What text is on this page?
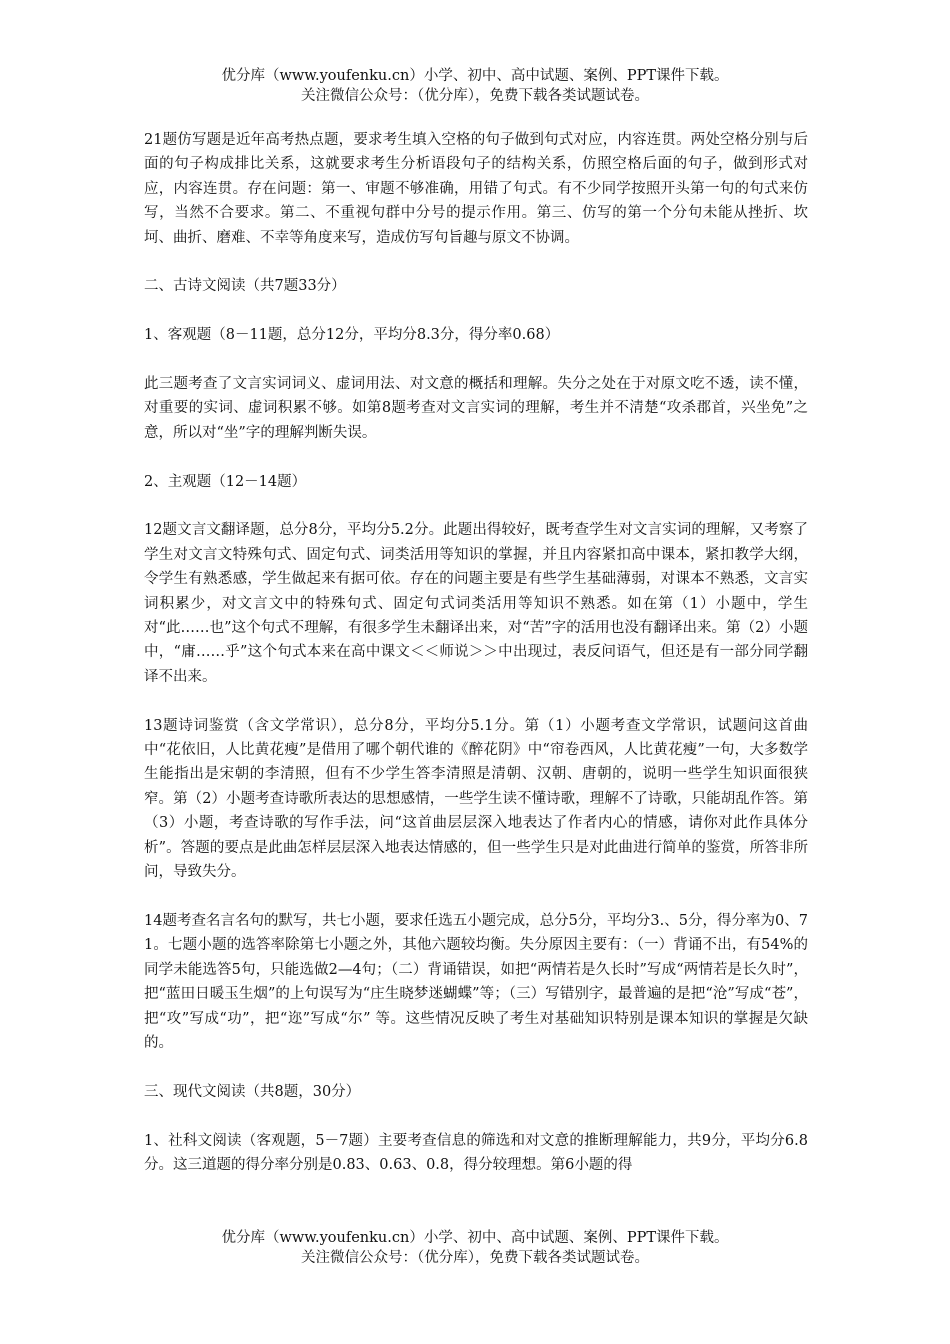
优分库（www.youfenku.cn）小学、初中、高中试题、案例、PPT课件下载。
关注微信公众号：（优分库），免费下载各类试题试卷。

21题仿写题是近年高考热点题，要求考生填入空格的句子做到句式对应，内容连贯。两处空格分别与后面的句子构成排比关系，这就要求考生分析语段句子的结构关系，仿照空格后面的句子，做到形式对应，内容连贯。存在问题：第一、审题不够准确，用错了句式。有不少同学按照开头第一句的句式来仿写，当然不合要求。第二、不重视句群中分号的提示作用。第三、仿写的第一个分句未能从挫折、坎坷、曲折、磨难、不幸等角度来写，造成仿写句旨趣与原文不协调。

二、古诗文阅读（共7题33分）

1、客观题（8－11题，总分12分，平均分8.3分，得分率0.68）

此三题考查了文言实词词义、虚词用法、对文意的概括和理解。失分之处在于对原文吃不透，读不懂，对重要的实词、虚词积累不够。如第8题考查对文言实词的理解，考生并不清楚“攻杀郡首，兴坐免”之意，所以对“坐”字的理解判断失误。

2、主观题（12－14题）

12题文言文翻译题，总分8分，平均分5.2分。此题出得较好，既考查学生对文言实词的理解，又考察了学生对文言文特殊句式、固定句式、词类活用等知识的掌握，并且内容紧扣高中课本，紧扣教学大纲，令学生有熟悉感，学生做起来有据可依。存在的问题主要是有些学生基础薄弱，对课本不熟悉，文言实词积累少，对文言文中的特殊句式、固定句式词类活用等知识不熟悉。如在第（1）小题中，学生对“此……也”这个句式不理解，有很多学生未翻译出来，对“苦”字的活用也没有翻译出来。第（2）小题中，“庸……乎”这个句式本来在高中课文＜＜师说＞＞中出现过，表反问语气，但还是有一部分同学翻译不出来。

13题诗词鉴赏（含文学常识），总分8分，平均分5.1分。第（1）小题考查文学常识，试题问这首曲中“花依旧，人比黄花瘦”是借用了哪个朝代谁的《醉花阴》中“帘卷西风，人比黄花瘦”一句，大多数学生能指出是宋朝的李清照，但有不少学生答李清照是清朝、汉朝、唐朝的，说明一些学生知识面很狭窄。第（2）小题考查诗歌所表达的思想感情，一些学生读不懂诗歌，理解不了诗歌，只能胡乱作答。第（3）小题，考查诗歌的写作手法，问“这首曲层层深入地表达了作者内心的情感，请你对此作具体分析”。答题的要点是此曲怎样层层深入地表达情感的，但一些学生只是对此曲进行简单的鉴赏，所答非所问，导致失分。

14题考查名言名句的默写，共七小题，要求任选五小题完成，总分5分，平均分3.、5分，得分率为0、71。七题小题的选答率除第七小题之外，其他六题较均衡。失分原因主要有：（一）背诵不出，有54%的同学未能选答5句，只能选做2—4句；（二）背诵错误，如把“两情若是久长时”写成“两情若是长久时”，把“蓝田日暖玉生烟”的上句误写为“庄生晓梦迷蝴蝶”等；（三）写错别字，最普遍的是把“沧”写成“苍”，把“攻”写成“功”，把“迩”写成“尔” 等。这些情况反映了考生对基础知识特别是课本知识的掌握是欠缺的。

三、现代文阅读（共8题，30分）

1、社科文阅读（客观题，5－7题）主要考查信息的筛选和对文意的推断理解能力，共9分，平均分6.8分。这三道题的得分率分别是0.83、0.63、0.8，得分较理想。第6小题的得

优分库（www.youfenku.cn）小学、初中、高中试题、案例、PPT课件下载。
关注微信公众号：（优分库），免费下载各类试题试卷。
